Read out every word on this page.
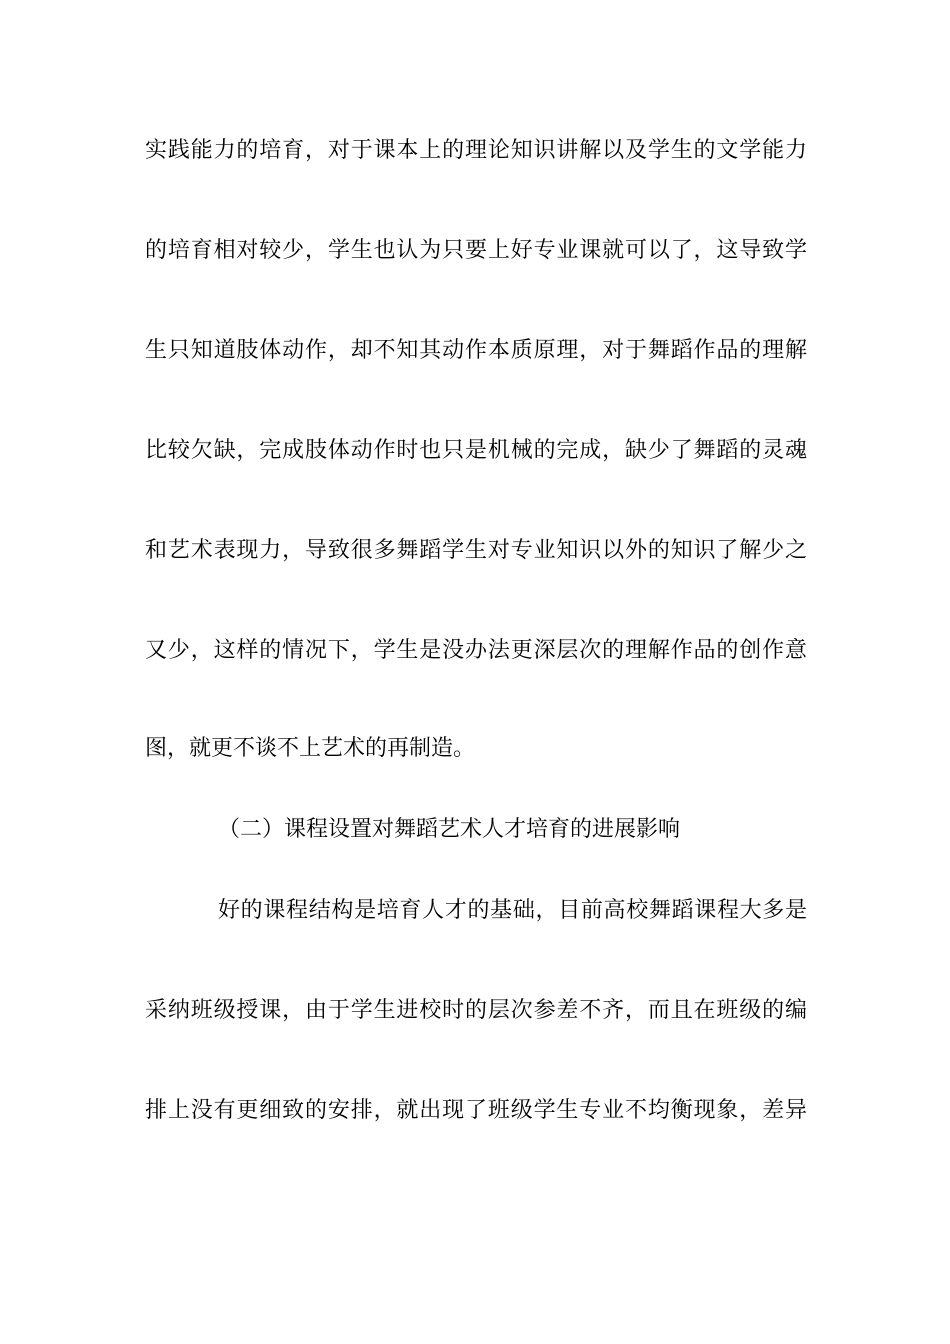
实践能力的培育，对于课本上的理论知识讲解以及学生的文学能力
的培育相对较少，学生也认为只要上好专业课就可以了，这导致学
生只知道肢体动作，却不知其动作本质原理，对于舞蹈作品的理解
比较欠缺，完成肢体动作时也只是机械的完成，缺少了舞蹈的灵魂
和艺术表现力，导致很多舞蹈学生对专业知识以外的知识了解少之
又少，这样的情况下，学生是没办法更深层次的理解作品的创作意
图，就更不谈不上艺术的再制造。
（二）课程设置对舞蹈艺术人才培育的进展影响
好的课程结构是培育人才的基础，目前高校舞蹈课程大多是
采纳班级授课，由于学生进校时的层次参差不齐，而且在班级的编
排上没有更细致的安排，就出现了班级学生专业不均衡现象，差异
